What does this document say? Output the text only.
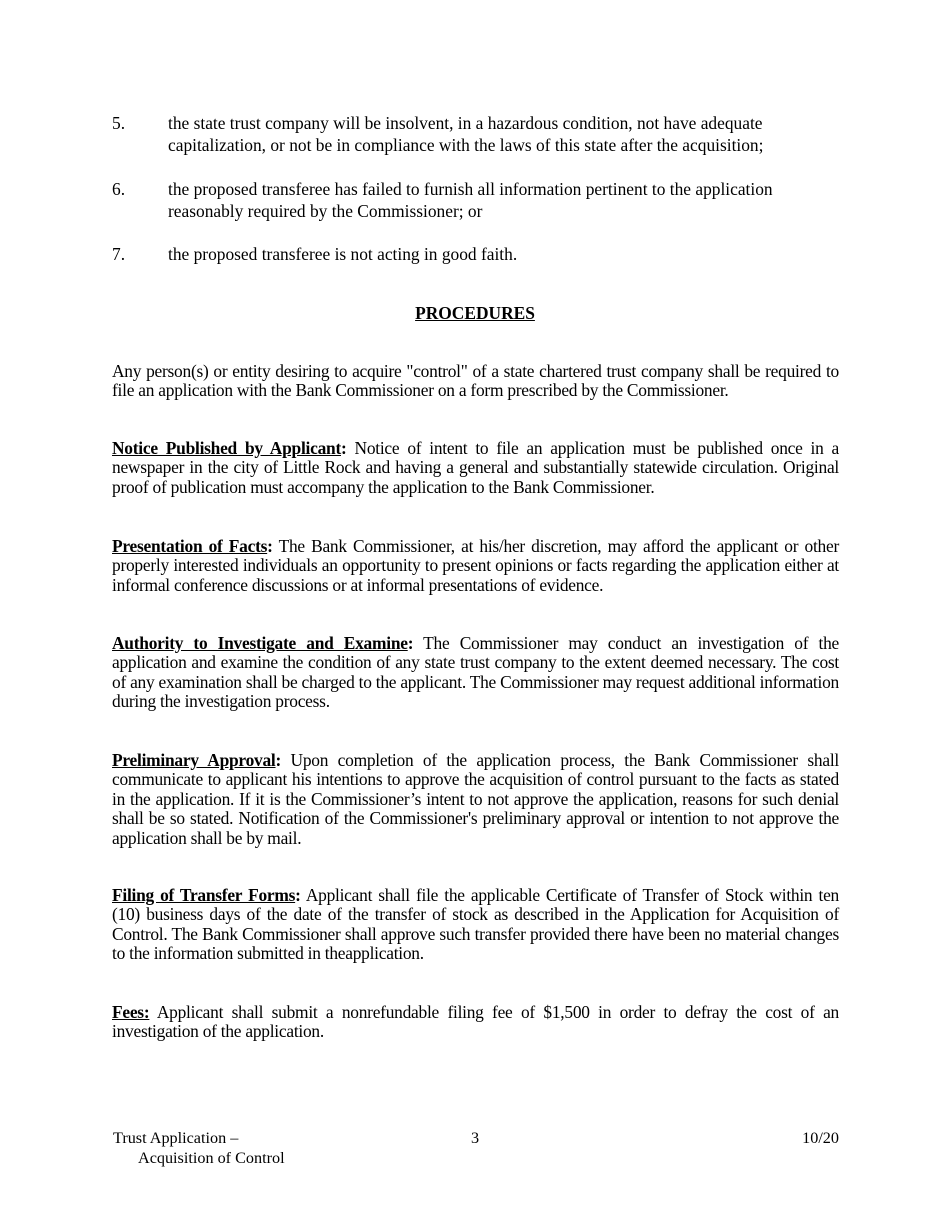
5. the state trust company will be insolvent, in a hazardous condition, not have adequate capitalization, or not be in compliance with the laws of this state after the acquisition;
6. the proposed transferee has failed to furnish all information pertinent to the application reasonably required by the Commissioner; or
7. the proposed transferee is not acting in good faith.
PROCEDURES
Any person(s) or entity desiring to acquire "control" of a state chartered trust company shall be required to file an application with the Bank Commissioner on a form prescribed by the Commissioner.
Notice Published by Applicant: Notice of intent to file an application must be published once in a newspaper in the city of Little Rock and having a general and substantially statewide circulation. Original proof of publication must accompany the application to the Bank Commissioner.
Presentation of Facts: The Bank Commissioner, at his/her discretion, may afford the applicant or other properly interested individuals an opportunity to present opinions or facts regarding the application either at informal conference discussions or at informal presentations of evidence.
Authority to Investigate and Examine: The Commissioner may conduct an investigation of the application and examine the condition of any state trust company to the extent deemed necessary. The cost of any examination shall be charged to the applicant. The Commissioner may request additional information during the investigation process.
Preliminary Approval: Upon completion of the application process, the Bank Commissioner shall communicate to applicant his intentions to approve the acquisition of control pursuant to the facts as stated in the application. If it is the Commissioner’s intent to not approve the application, reasons for such denial shall be so stated. Notification of the Commissioner's preliminary approval or intention to not approve the application shall be by mail.
Filing of Transfer Forms: Applicant shall file the applicable Certificate of Transfer of Stock within ten (10) business days of the date of the transfer of stock as described in the Application for Acquisition of Control. The Bank Commissioner shall approve such transfer provided there have been no material changes to the information submitted in theapplication.
Fees: Applicant shall submit a nonrefundable filing fee of $1,500 in order to defray the cost of an investigation of the application.
Trust Application –
Acquisition of Control
3	10/20
